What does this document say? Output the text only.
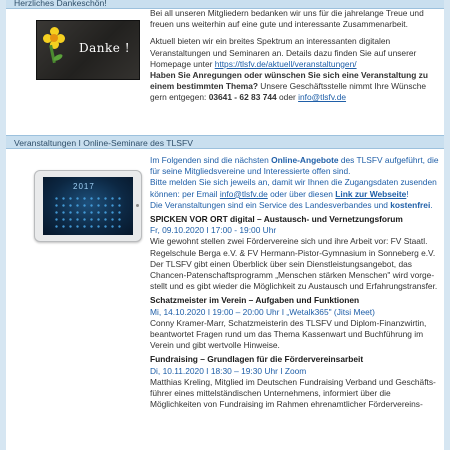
Herzliches Dankeschön!
Danke !

Bei all unseren Mitgliedern bedanken wir uns für die jahrelange Treue und freuen uns weiterhin auf eine gute und interessante Zusammenarbeit.

Aktuell bieten wir ein breites Spektrum an interessanten digitalen Veranstaltungen und Seminaren an. Details dazu finden Sie auf unserer Homepage unter https://tlsfv.de/aktuell/veranstaltungen/

Haben Sie Anregungen oder wünschen Sie sich eine Veranstaltung zu einem bestimmten Thema? Unsere Geschäftsstelle nimmt Ihre Wünsche gern entgegen: 03641 - 62 83 744 oder info@tlsfv.de

Veranstaltungen I Online-Seminare des TLSFV
2017

Im Folgenden sind die nächsten Online-Angebote des TLSFV aufgeführt, die für seine Mitgliedsvereine und Interessierte offen sind.

Bitte melden Sie sich jeweils an, damit wir Ihnen die Zugangsdaten zusenden können: per Email info@tlsfv.de oder über diesen Link zur Webseite!

Die Veranstaltungen sind ein Service des Landesverbandes und kostenfrei.

SPICKEN VOR ORT digital – Austausch- und Vernetzungsforum

Fr, 09.10.2020 I 17:00 - 19:00 Uhr

Wie gewohnt stellen zwei Fördervereine sich und ihre Arbeit vor: FV Staatl. Regelschule Berga e.V. & FV Hermann-Pistor-Gymnasium in Sonneberg e.V. Der TLSFV gibt einen Überblick über sein Dienstleistungsangebot, das Chancen-Patenschaftsprogramm „Menschen stärken Menschen" wird vorge-stellt und es gibt wieder die Möglichkeit zu Austausch und Erfahrungstransfer.

Schatzmeister im Verein – Aufgaben und Funktionen

Mi, 14.10.2020 I 19:00 – 20:00 Uhr I „Wetalk365" (Jitsi Meet)

Conny Kramer-Marr, Schatzmeisterin des TLSFV und Diplom-Finanzwirtin, beantwortet Fragen rund um das Thema Kassenwart und Buchführung im Verein und gibt wertvolle Hinweise.

Fundraising – Grundlagen für die Fördervereinsarbeit

Di, 10.11.2020 I 18:30 – 19:30 Uhr I Zoom

Matthias Kreling, Mitglied im Deutschen Fundraising Verband und Geschäfts-führer eines mittelständischen Unternehmens, informiert über die Möglichkeiten von Fundraising im Rahmen ehrenamtlicher Fördervereins-
